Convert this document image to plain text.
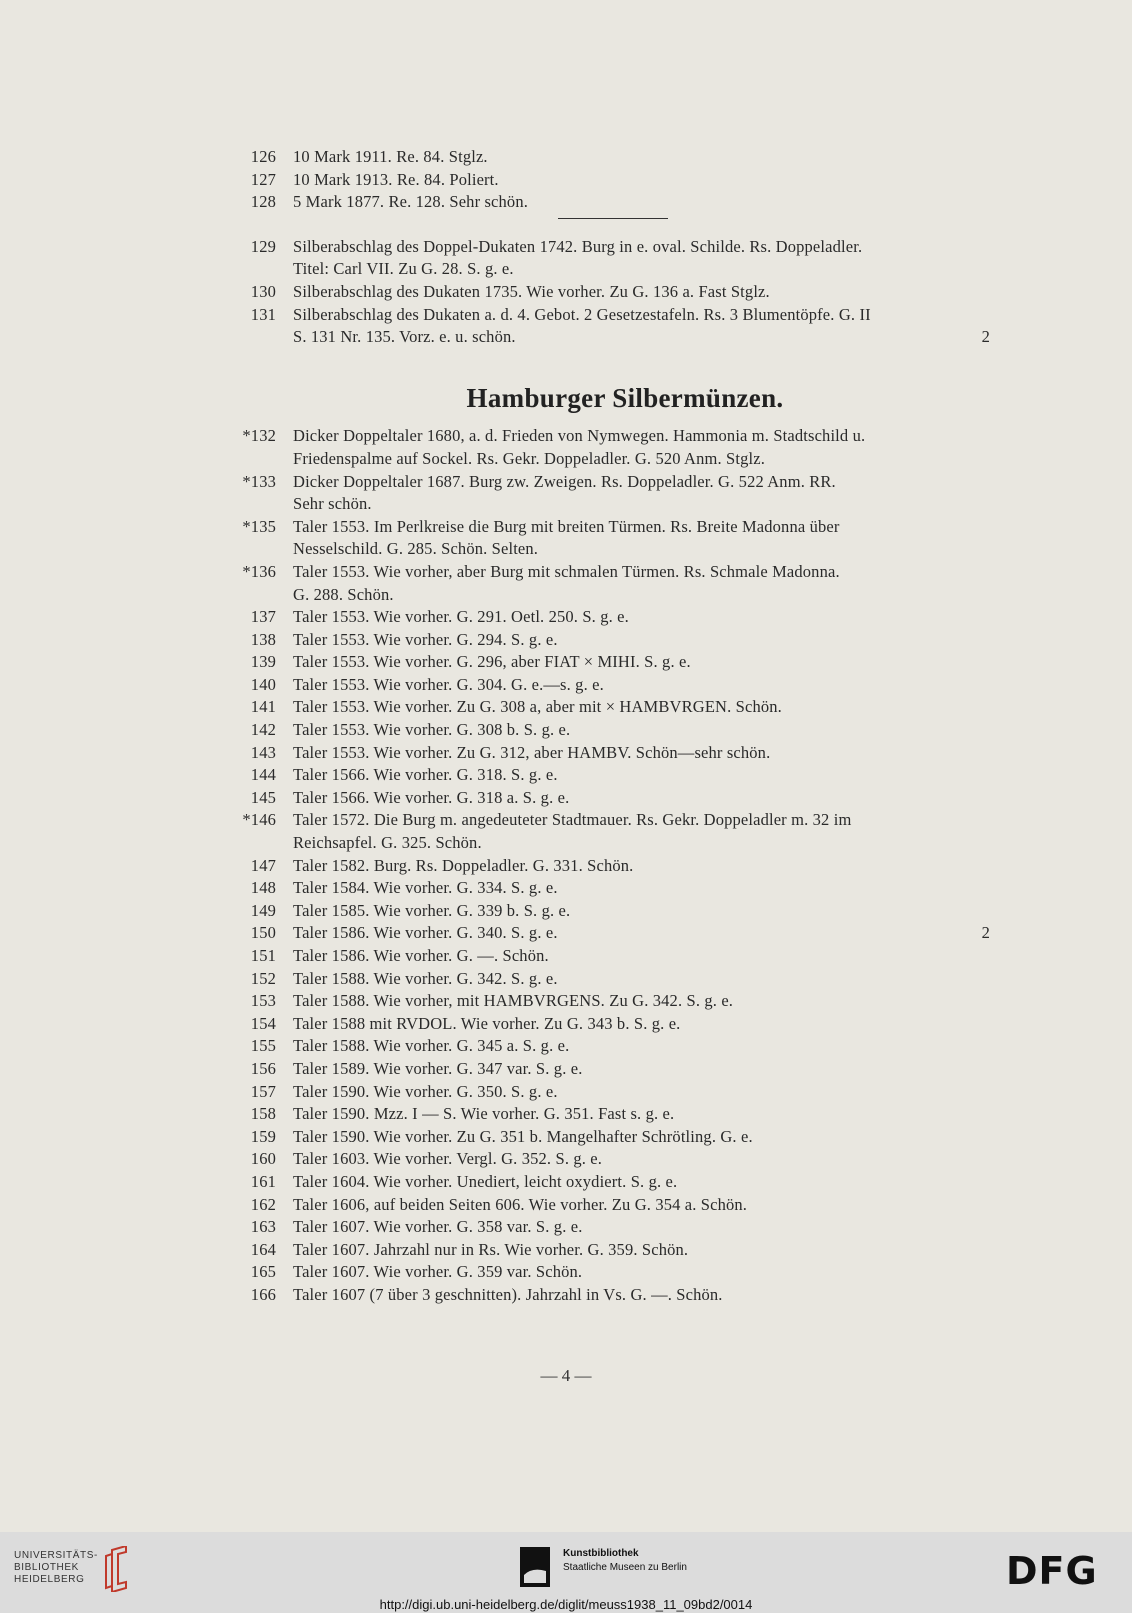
126 10 Mark 1911. Re. 84. Stglz.
127 10 Mark 1913. Re. 84. Poliert.
128 5 Mark 1877. Re. 128. Sehr schön.
129 Silberabschlag des Doppel-Dukaten 1742. Burg in e. oval. Schilde. Rs. Doppeladler.
Titel: Carl VII. Zu G. 28. S. g. e.
130 Silberabschlag des Dukaten 1735. Wie vorher. Zu G. 136 a. Fast Stglz.
131 Silberabschlag des Dukaten a. d. 4. Gebot. 2 Gesetzestafeln. Rs. 3 Blumentöpfe. G. II
S. 131 Nr. 135. Vorz. e. u. schön.	2
Hamburger Silbermünzen.
*132 Dicker Doppeltaler 1680, a. d. Frieden von Nymwegen. Hammonia m. Stadtschild u.
Friedenspalme auf Sockel. Rs. Gekr. Doppeladler. G. 520 Anm. Stglz.
*133 Dicker Doppeltaler 1687. Burg zw. Zweigen. Rs. Doppeladler. G. 522 Anm. RR.
Sehr schön.
*135 Taler 1553. Im Perlkreise die Burg mit breiten Türmen. Rs. Breite Madonna über
Nesselschild. G. 285. Schön. Selten.
*136 Taler 1553. Wie vorher, aber Burg mit schmalen Türmen. Rs. Schmale Madonna.
G. 288. Schön.
137 Taler 1553. Wie vorher. G. 291. Oetl. 250. S. g. e.
138 Taler 1553. Wie vorher. G. 294. S. g. e.
139 Taler 1553. Wie vorher. G. 296, aber FIAT × MIHI. S. g. e.
140 Taler 1553. Wie vorher. G. 304. G. e.—s. g. e.
141 Taler 1553. Wie vorher. Zu G. 308 a, aber mit × HAMBVRGEN. Schön.
142 Taler 1553. Wie vorher. G. 308 b. S. g. e.
143 Taler 1553. Wie vorher. Zu G. 312, aber HAMBV. Schön—sehr schön.
144 Taler 1566. Wie vorher. G. 318. S. g. e.
145 Taler 1566. Wie vorher. G. 318 a. S. g. e.
*146 Taler 1572. Die Burg m. angedeuteter Stadtmauer. Rs. Gekr. Doppeladler m. 32 im
Reichsapfel. G. 325. Schön.
147 Taler 1582. Burg. Rs. Doppeladler. G. 331. Schön.
148 Taler 1584. Wie vorher. G. 334. S. g. e.
149 Taler 1585. Wie vorher. G. 339 b. S. g. e.
150 Taler 1586. Wie vorher. G. 340. S. g. e.	2
151 Taler 1586. Wie vorher. G. —. Schön.
152 Taler 1588. Wie vorher. G. 342. S. g. e.
153 Taler 1588. Wie vorher, mit HAMBVRGENS. Zu G. 342. S. g. e.
154 Taler 1588 mit RVDOL. Wie vorher. Zu G. 343 b. S. g. e.
155 Taler 1588. Wie vorher. G. 345 a. S. g. e.
156 Taler 1589. Wie vorher. G. 347 var. S. g. e.
157 Taler 1590. Wie vorher. G. 350. S. g. e.
158 Taler 1590. Mzz. I — S. Wie vorher. G. 351. Fast s. g. e.
159 Taler 1590. Wie vorher. Zu G. 351 b. Mangelhafter Schrötling. G. e.
160 Taler 1603. Wie vorher. Vergl. G. 352. S. g. e.
161 Taler 1604. Wie vorher. Unediert, leicht oxydiert. S. g. e.
162 Taler 1606, auf beiden Seiten 606. Wie vorher. Zu G. 354 a. Schön.
163 Taler 1607. Wie vorher. G. 358 var. S. g. e.
164 Taler 1607. Jahrzahl nur in Rs. Wie vorher. G. 359. Schön.
165 Taler 1607. Wie vorher. G. 359 var. Schön.
166 Taler 1607 (7 über 3 geschnitten). Jahrzahl in Vs. G. —. Schön.
— 4 —
UNIVERSITÄTS-
BIBLIOTHEK
HEIDELBERG
Kunstbibliothek
Staatliche Museen zu Berlin	DFG
http://digi.ub.uni-heidelberg.de/diglit/meuss1938_11_09bd2/0014
